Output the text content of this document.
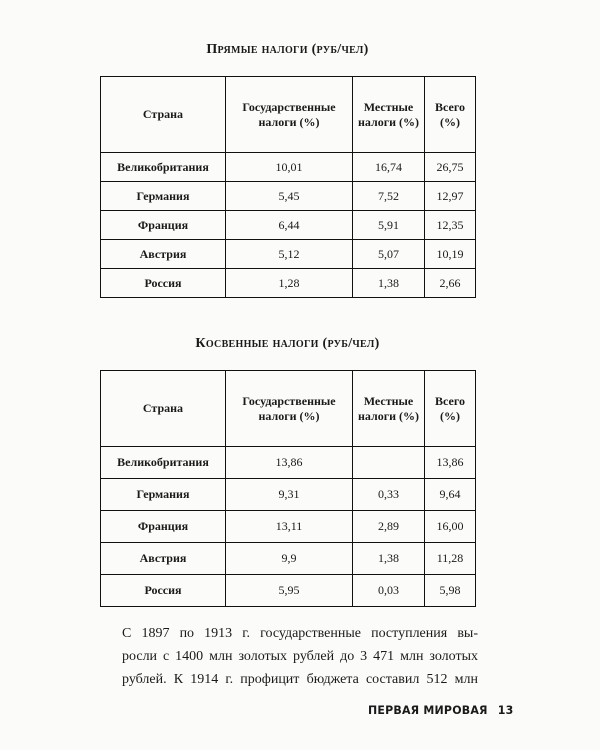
Прямые налоги (руб/чел)
Страна	Государственные налоги (%)	Местные налоги (%)	Всего (%)
Великобритания	10,01	16,74	26,75
Германия	5,45	7,52	12,97
Франция	6,44	5,91	12,35
Австрия	5,12	5,07	10,19
Россия	1,28	1,38	2,66
Косвенные налоги (руб/чел)
Страна	Государственные налоги (%)	Местные налоги (%)	Всего (%)
Великобритания	13,86		13,86
Германия	9,31	0,33	9,64
Франция	13,11	2,89	16,00
Австрия	9,9	1,38	11,28
Россия	5,95	0,03	5,98
С 1897 по 1913 г. государственные поступления вы-
росли с 1400 млн золотых рублей до 3 471 млн золотых
рублей. К 1914 г. профицит бюджета составил 512 млн
ПЕРВАЯ МИРОВАЯ 13
